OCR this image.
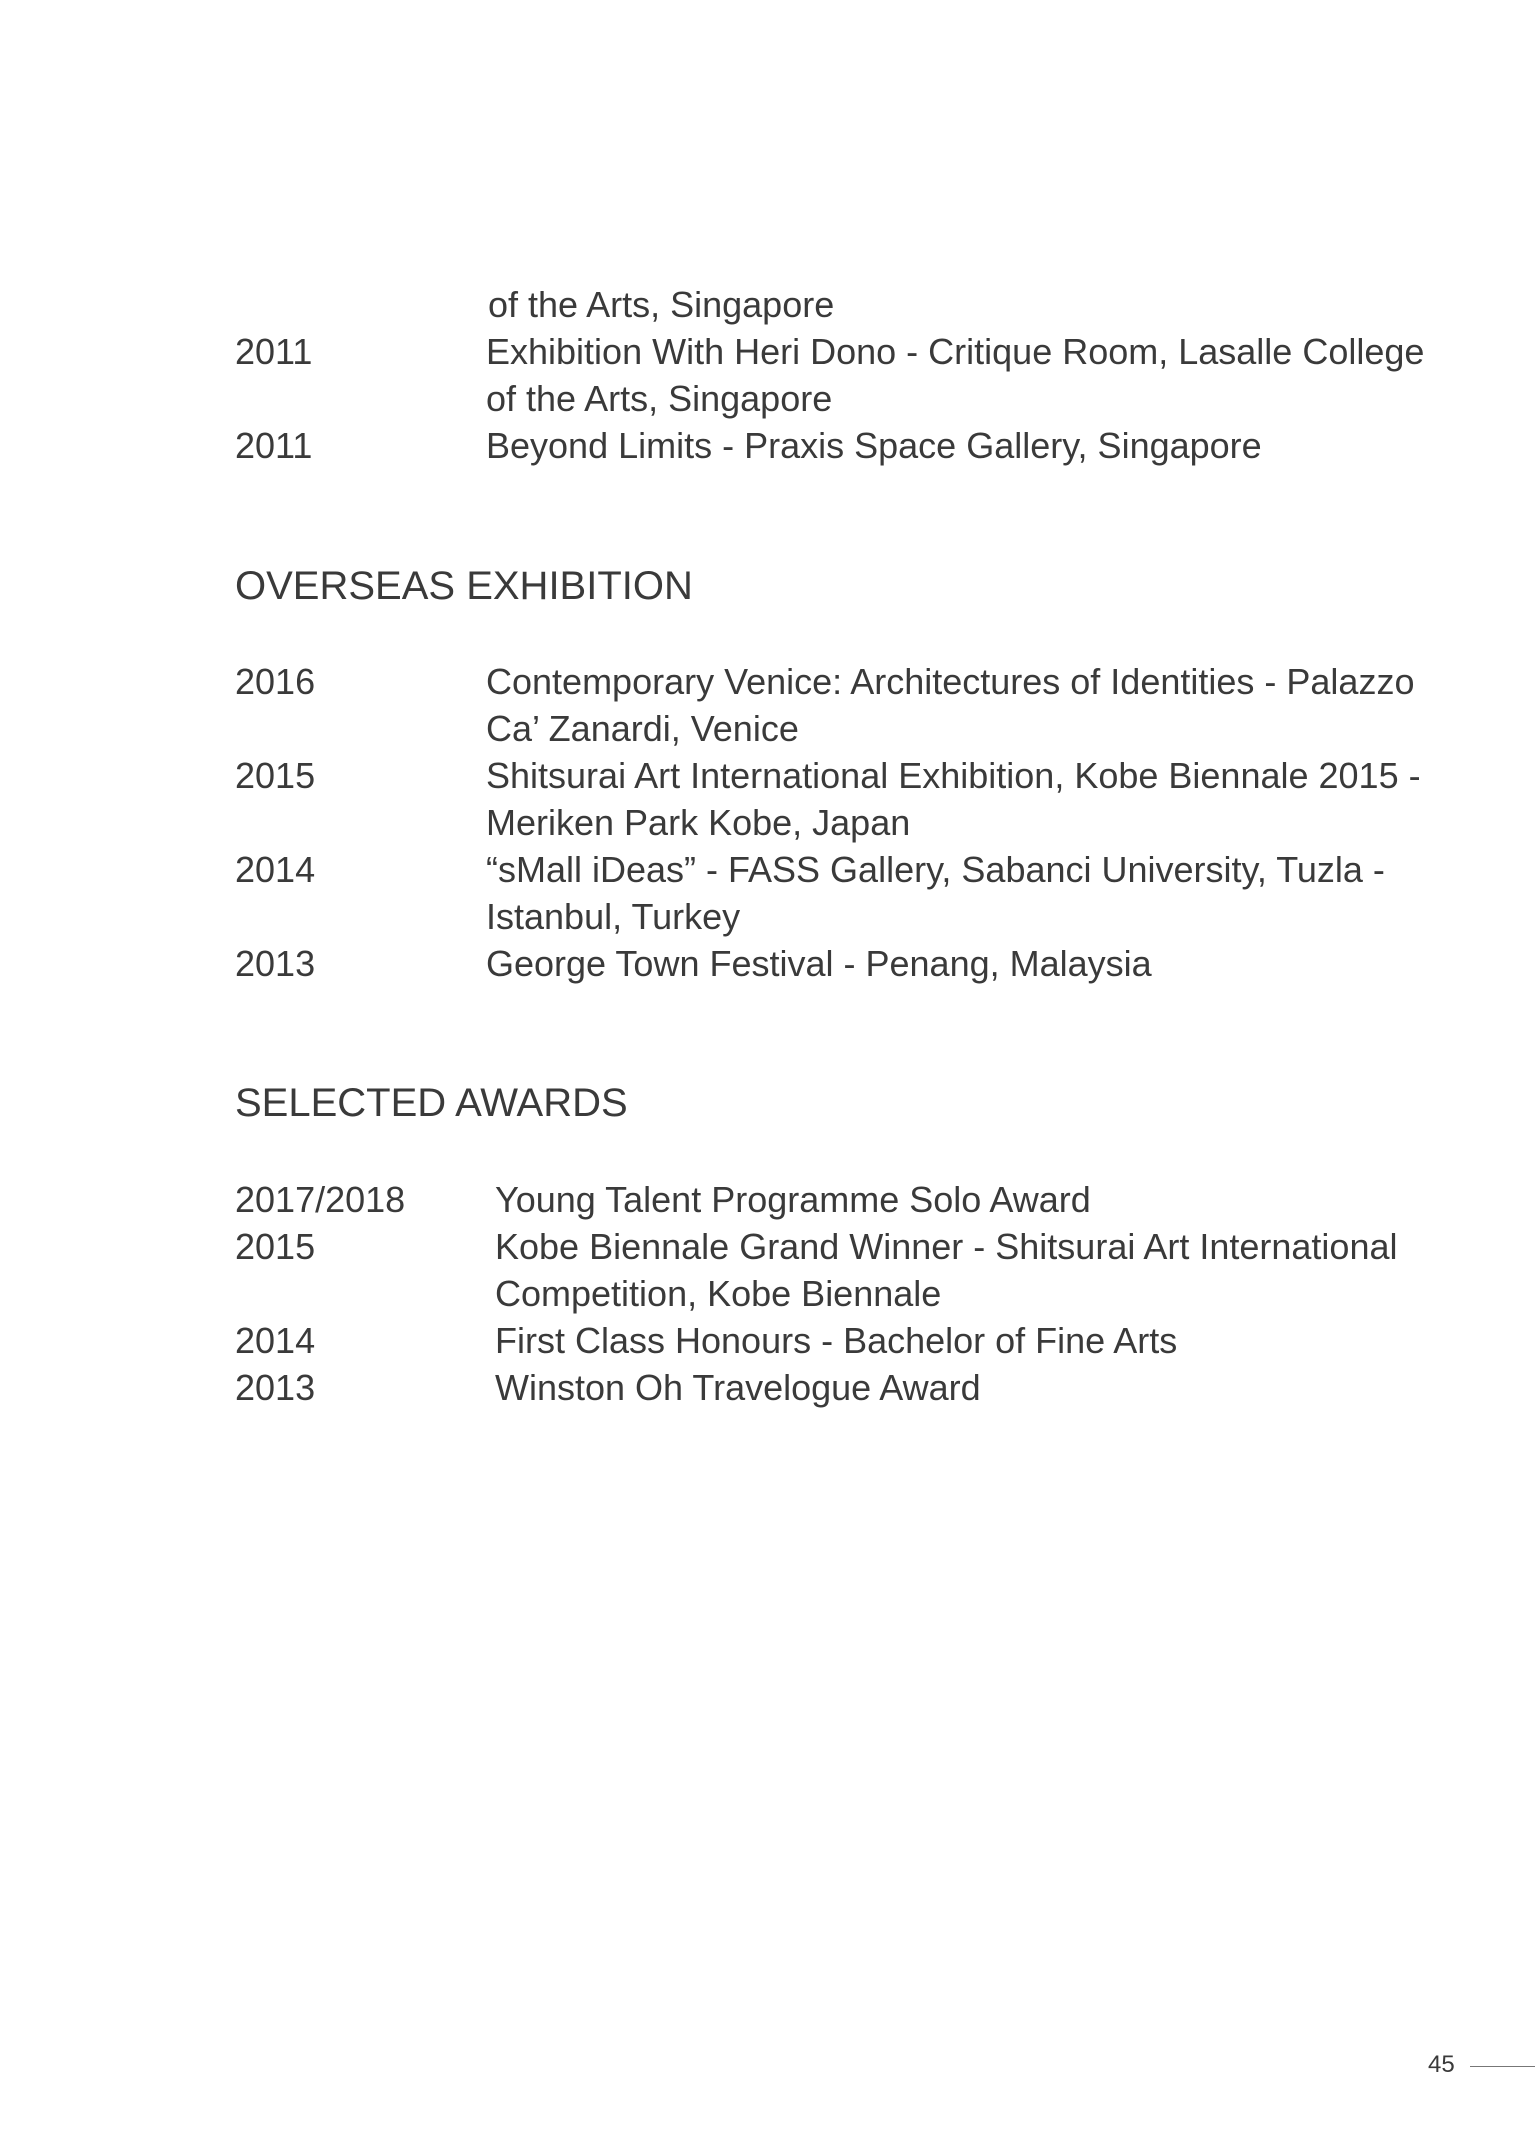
of the Arts, Singapore
2011	Exhibition With Heri Dono - Critique Room, Lasalle College
of the Arts, Singapore
2011	Beyond Limits - Praxis Space Gallery, Singapore
OVERSEAS EXHIBITION
2016	Contemporary Venice: Architectures of Identities - Palazzo
Ca’ Zanardi, Venice
2015	Shitsurai Art International Exhibition, Kobe Biennale 2015 -
Meriken Park Kobe, Japan
2014	“sMall iDeas” - FASS Gallery, Sabanci University, Tuzla -
Istanbul, Turkey
2013	George Town Festival - Penang, Malaysia
SELECTED AWARDS
2017/2018 Young Talent Programme Solo Award
2015	Kobe Biennale Grand Winner - Shitsurai Art International
Competition, Kobe Biennale
2014	First Class Honours - Bachelor of Fine Arts
2013	Winston Oh Travelogue Award
45
